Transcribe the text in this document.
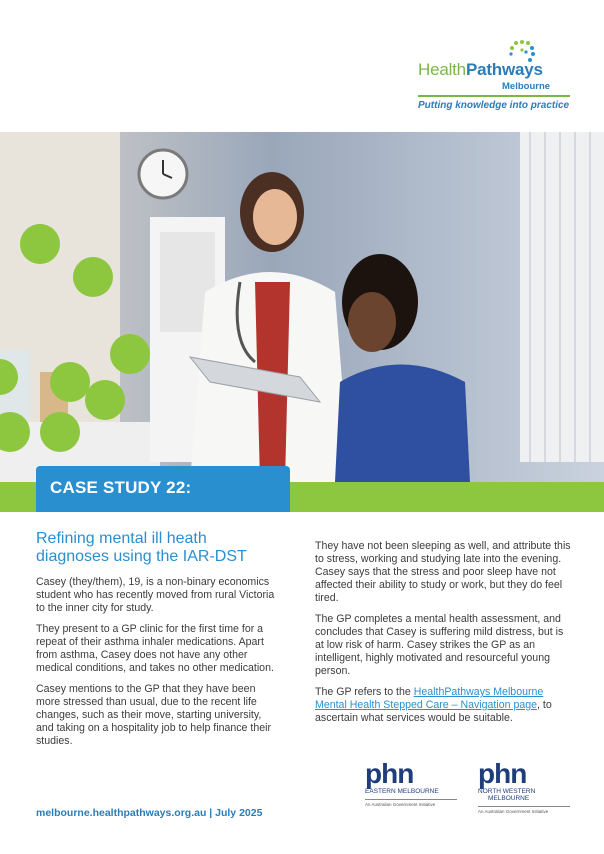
HealthPathways
Melbourne
Putting knowledge into practice
CASE STUDY 22:
Refining mental ill heath diagnoses using the IAR-DST

Casey (they/them), 19, is a non-binary economics student who has recently moved from rural Victoria to the inner city for study.

They present to a GP clinic for the first time for a repeat of their asthma inhaler medications. Apart from asthma, Casey does not have any other medical conditions, and takes no other medication.

Casey mentions to the GP that they have been more stressed than usual, due to the recent life changes, such as their move, starting university, and taking on a hospitality job to help finance their studies.

They have not been sleeping as well, and attribute this to stress, working and studying late into the evening. Casey says that the stress and poor sleep have not affected their ability to study or work, but they do feel tired.

The GP completes a mental health assessment, and concludes that Casey is suffering mild distress, but is at low risk of harm. Casey strikes the GP as an intelligent, highly motivated and resourceful young person.

The GP refers to the HealthPathways Melbourne Mental Health Stepped Care – Navigation page, to ascertain what services would be suitable.

melbourne.healthpathways.org.au | July 2025
phn
EASTERN MELBOURNE
An Australian Government Initiative
phn
NORTH WESTERN
MELBOURNE
An Australian Government Initiative
